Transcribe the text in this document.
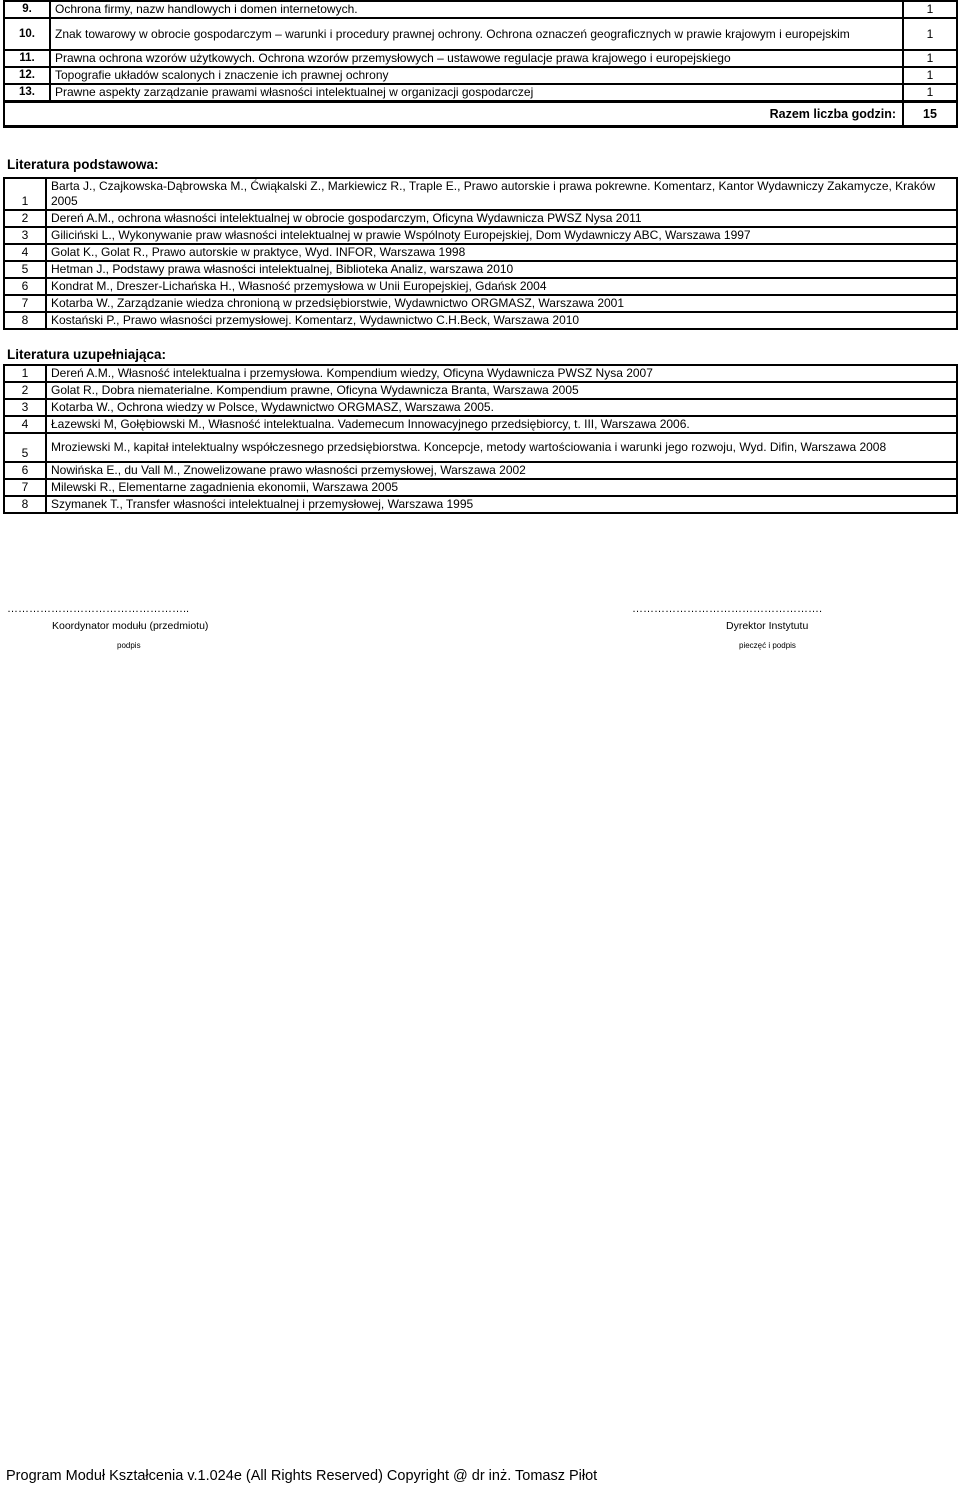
9.	Ochrona firmy, nazw handlowych i domen internetowych.	1
10.	Znak towarowy w obrocie gospodarczym – warunki i procedury prawnej ochrony. Ochrona oznaczeń geograficznych w prawie krajowym i europejskim	1
11.	Prawna ochrona wzorów użytkowych. Ochrona wzorów przemysłowych – ustawowe regulacje prawa krajowego i europejskiego	1
12.	Topografie układów scalonych i znaczenie ich prawnej ochrony	1
13.	Prawne aspekty zarządzanie prawami własności intelektualnej w organizacji gospodarczej	1
Razem liczba godzin:		15
Literatura podstawowa:
1	Barta J., Czajkowska-Dąbrowska M., Ćwiąkalski Z., Markiewicz R., Traple E., Prawo autorskie i prawa pokrewne. Komentarz, Kantor Wydawniczy Zakamycze, Kraków 2005
2	Dereń A.M., ochrona własności intelektualnej w obrocie gospodarczym, Oficyna Wydawnicza PWSZ Nysa 2011
3	Giliciński L., Wykonywanie praw własności intelektualnej w prawie Wspólnoty Europejskiej, Dom Wydawniczy ABC, Warszawa 1997
4	Golat K., Golat R., Prawo autorskie w praktyce, Wyd. INFOR, Warszawa 1998
5	Hetman J., Podstawy prawa własności intelektualnej, Biblioteka Analiz, warszawa 2010
6	Kondrat M., Dreszer-Lichańska H., Własność przemysłowa w Unii Europejskiej, Gdańsk 2004
7	Kotarba W., Zarządzanie wiedza chronioną w przedsiębiorstwie, Wydawnictwo ORGMASZ, Warszawa 2001
8	Kostański P., Prawo własności przemysłowej. Komentarz, Wydawnictwo C.H.Beck, Warszawa 2010
Literatura uzupełniająca:
1	Dereń A.M., Własność intelektualna i przemysłowa. Kompendium wiedzy, Oficyna Wydawnicza PWSZ Nysa 2007
2	Golat R., Dobra niematerialne. Kompendium prawne, Oficyna Wydawnicza Branta, Warszawa 2005
3	Kotarba W., Ochrona wiedzy w Polsce, Wydawnictwo ORGMASZ, Warszawa 2005.
4	Łazewski M, Gołębiowski M., Własność intelektualna. Vademecum Innowacyjnego przedsiębiorcy, t. III, Warszawa 2006.
5	Mroziewski M., kapitał intelektualny współczesnego przedsiębiorstwa. Koncepcje, metody wartościowania i warunki jego rozwoju, Wyd. Difin, Warszawa 2008
6	Nowińska E., du Vall M., Znowelizowane prawo własności przemysłowej, Warszawa 2002
7	Milewski R., Elementarne zagadnienia ekonomii, Warszawa 2005
8	Szymanek T., Transfer własności intelektualnej i przemysłowej, Warszawa 1995
…………………………………………..	…………………………………………….
Koordynator modułu (przedmiotu)	Dyrektor Instytutu
podpis	pieczęć i podpis
Program Moduł Kształcenia v.1.024e (All Rights Reserved) Copyright @ dr inż. Tomasz Piłot
